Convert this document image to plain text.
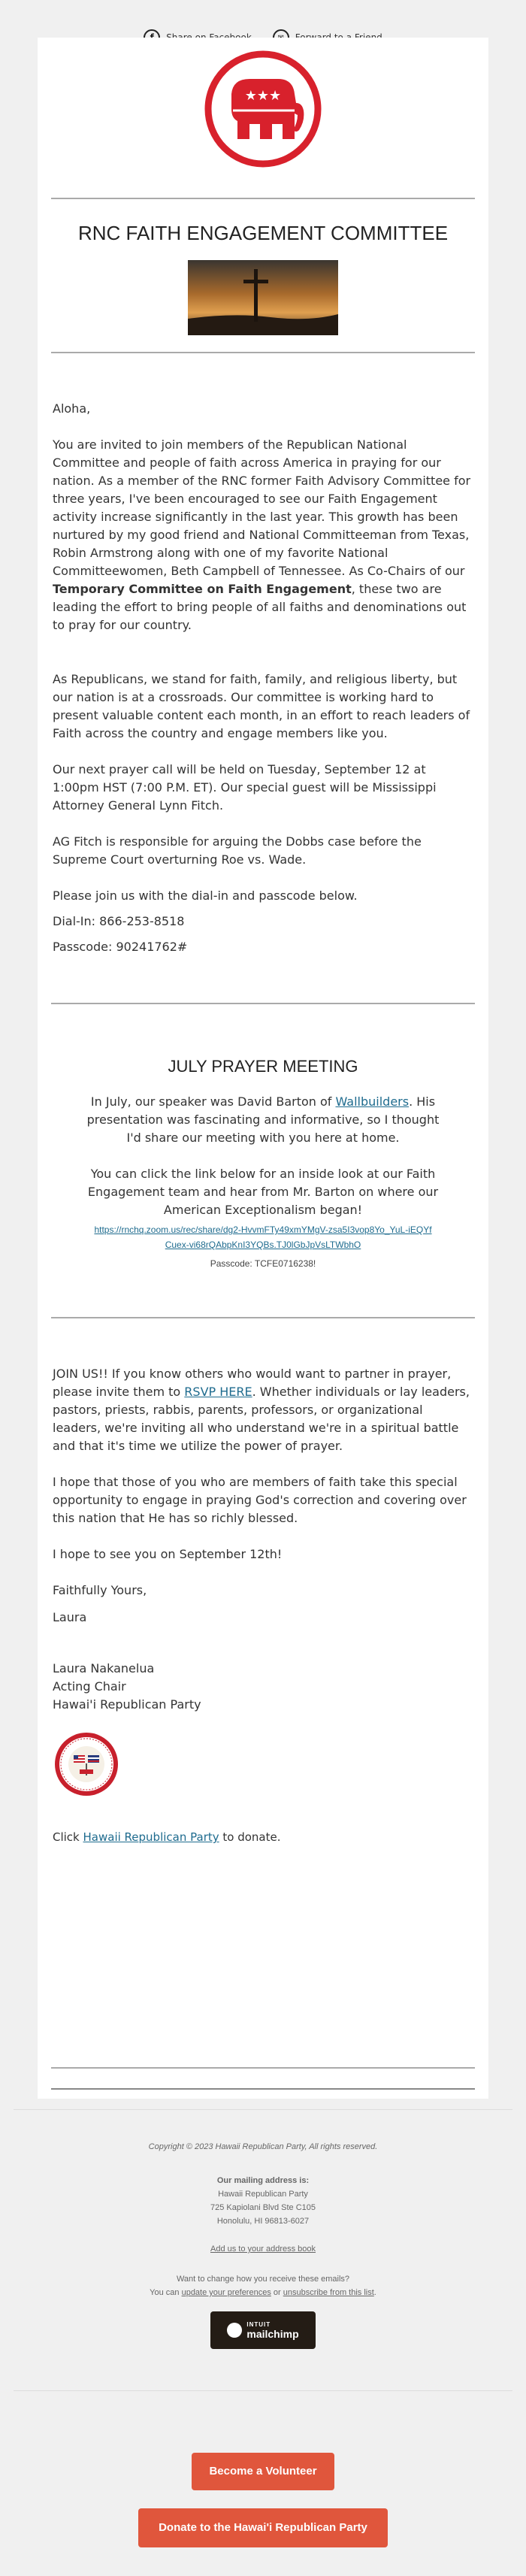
★★★
RNC FAITH ENGAGEMENT COMMITTEE

Aloha,

You are invited to join members of the Republican National Committee and people of faith across America in praying for our nation. As a member of the RNC former Faith Advisory Committee for three years, I've been encouraged to see our Faith Engagement activity increase significantly in the last year. This growth has been nurtured by my good friend and National Committeeman from Texas, Robin Armstrong along with one of my favorite National Committeewomen, Beth Campbell of Tennessee. As Co-Chairs of our Temporary Committee on Faith Engagement, these two are leading the effort to bring people of all faiths and denominations out to pray for our country.

As Republicans, we stand for faith, family, and religious liberty, but our nation is at a crossroads. Our committee is working hard to present valuable content each month, in an effort to reach leaders of Faith across the country and engage members like you.

Our next prayer call will be held on Tuesday, September 12 at 1:00pm HST (7:00 P.M. ET). Our special guest will be Mississippi Attorney General Lynn Fitch.

AG Fitch is responsible for arguing the Dobbs case before the Supreme Court overturning Roe vs. Wade.

Please join us with the dial-in and passcode below.

Dial-In: 866-253-8518

Passcode: 90241762#

JULY PRAYER MEETING

In July, our speaker was David Barton of Wallbuilders. His presentation was fascinating and informative, so I thought I'd share our meeting with you here at home.

You can click the link below for an inside look at our Faith Engagement team and hear from Mr. Barton on where our American Exceptionalism began!

https://rnchq.zoom.us/rec/share/dg2-HvvmFTy49xmYMgV-zsa5I3vop8Yo_YuL-iEQYfCuex-vi68rQAbpKnI3YQBs.TJ0lGbJpVsLTWbhO

Passcode: TCFE0716238!

JOIN US!! If you know others who would want to partner in prayer, please invite them to RSVP HERE. Whether individuals or lay leaders, pastors, priests, rabbis, parents, professors, or organizational leaders, we're inviting all who understand we're in a spiritual battle and that it's time we utilize the power of prayer.

I hope that those of you who are members of faith take this special opportunity to engage in praying God's correction and covering over this nation that He has so richly blessed.

I hope to see you on September 12th!

Faithfully Yours,

Laura

Laura Nakanelua

Acting Chair

Hawai'i Republican Party

Click Hawaii Republican Party to donate.

Copyright © 2023 Hawaii Republican Party, All rights reserved.
Our mailing address is:
Hawaii Republican Party
725 Kapiolani Blvd Ste C105
Honolulu, HI 96813-6027
Add us to your address book
Want to change how you receive these emails?
You can update your preferences or unsubscribe from this list.
INTUIT
mailchimp
Become a Volunteer
Donate to the Hawai'i Republican Party
